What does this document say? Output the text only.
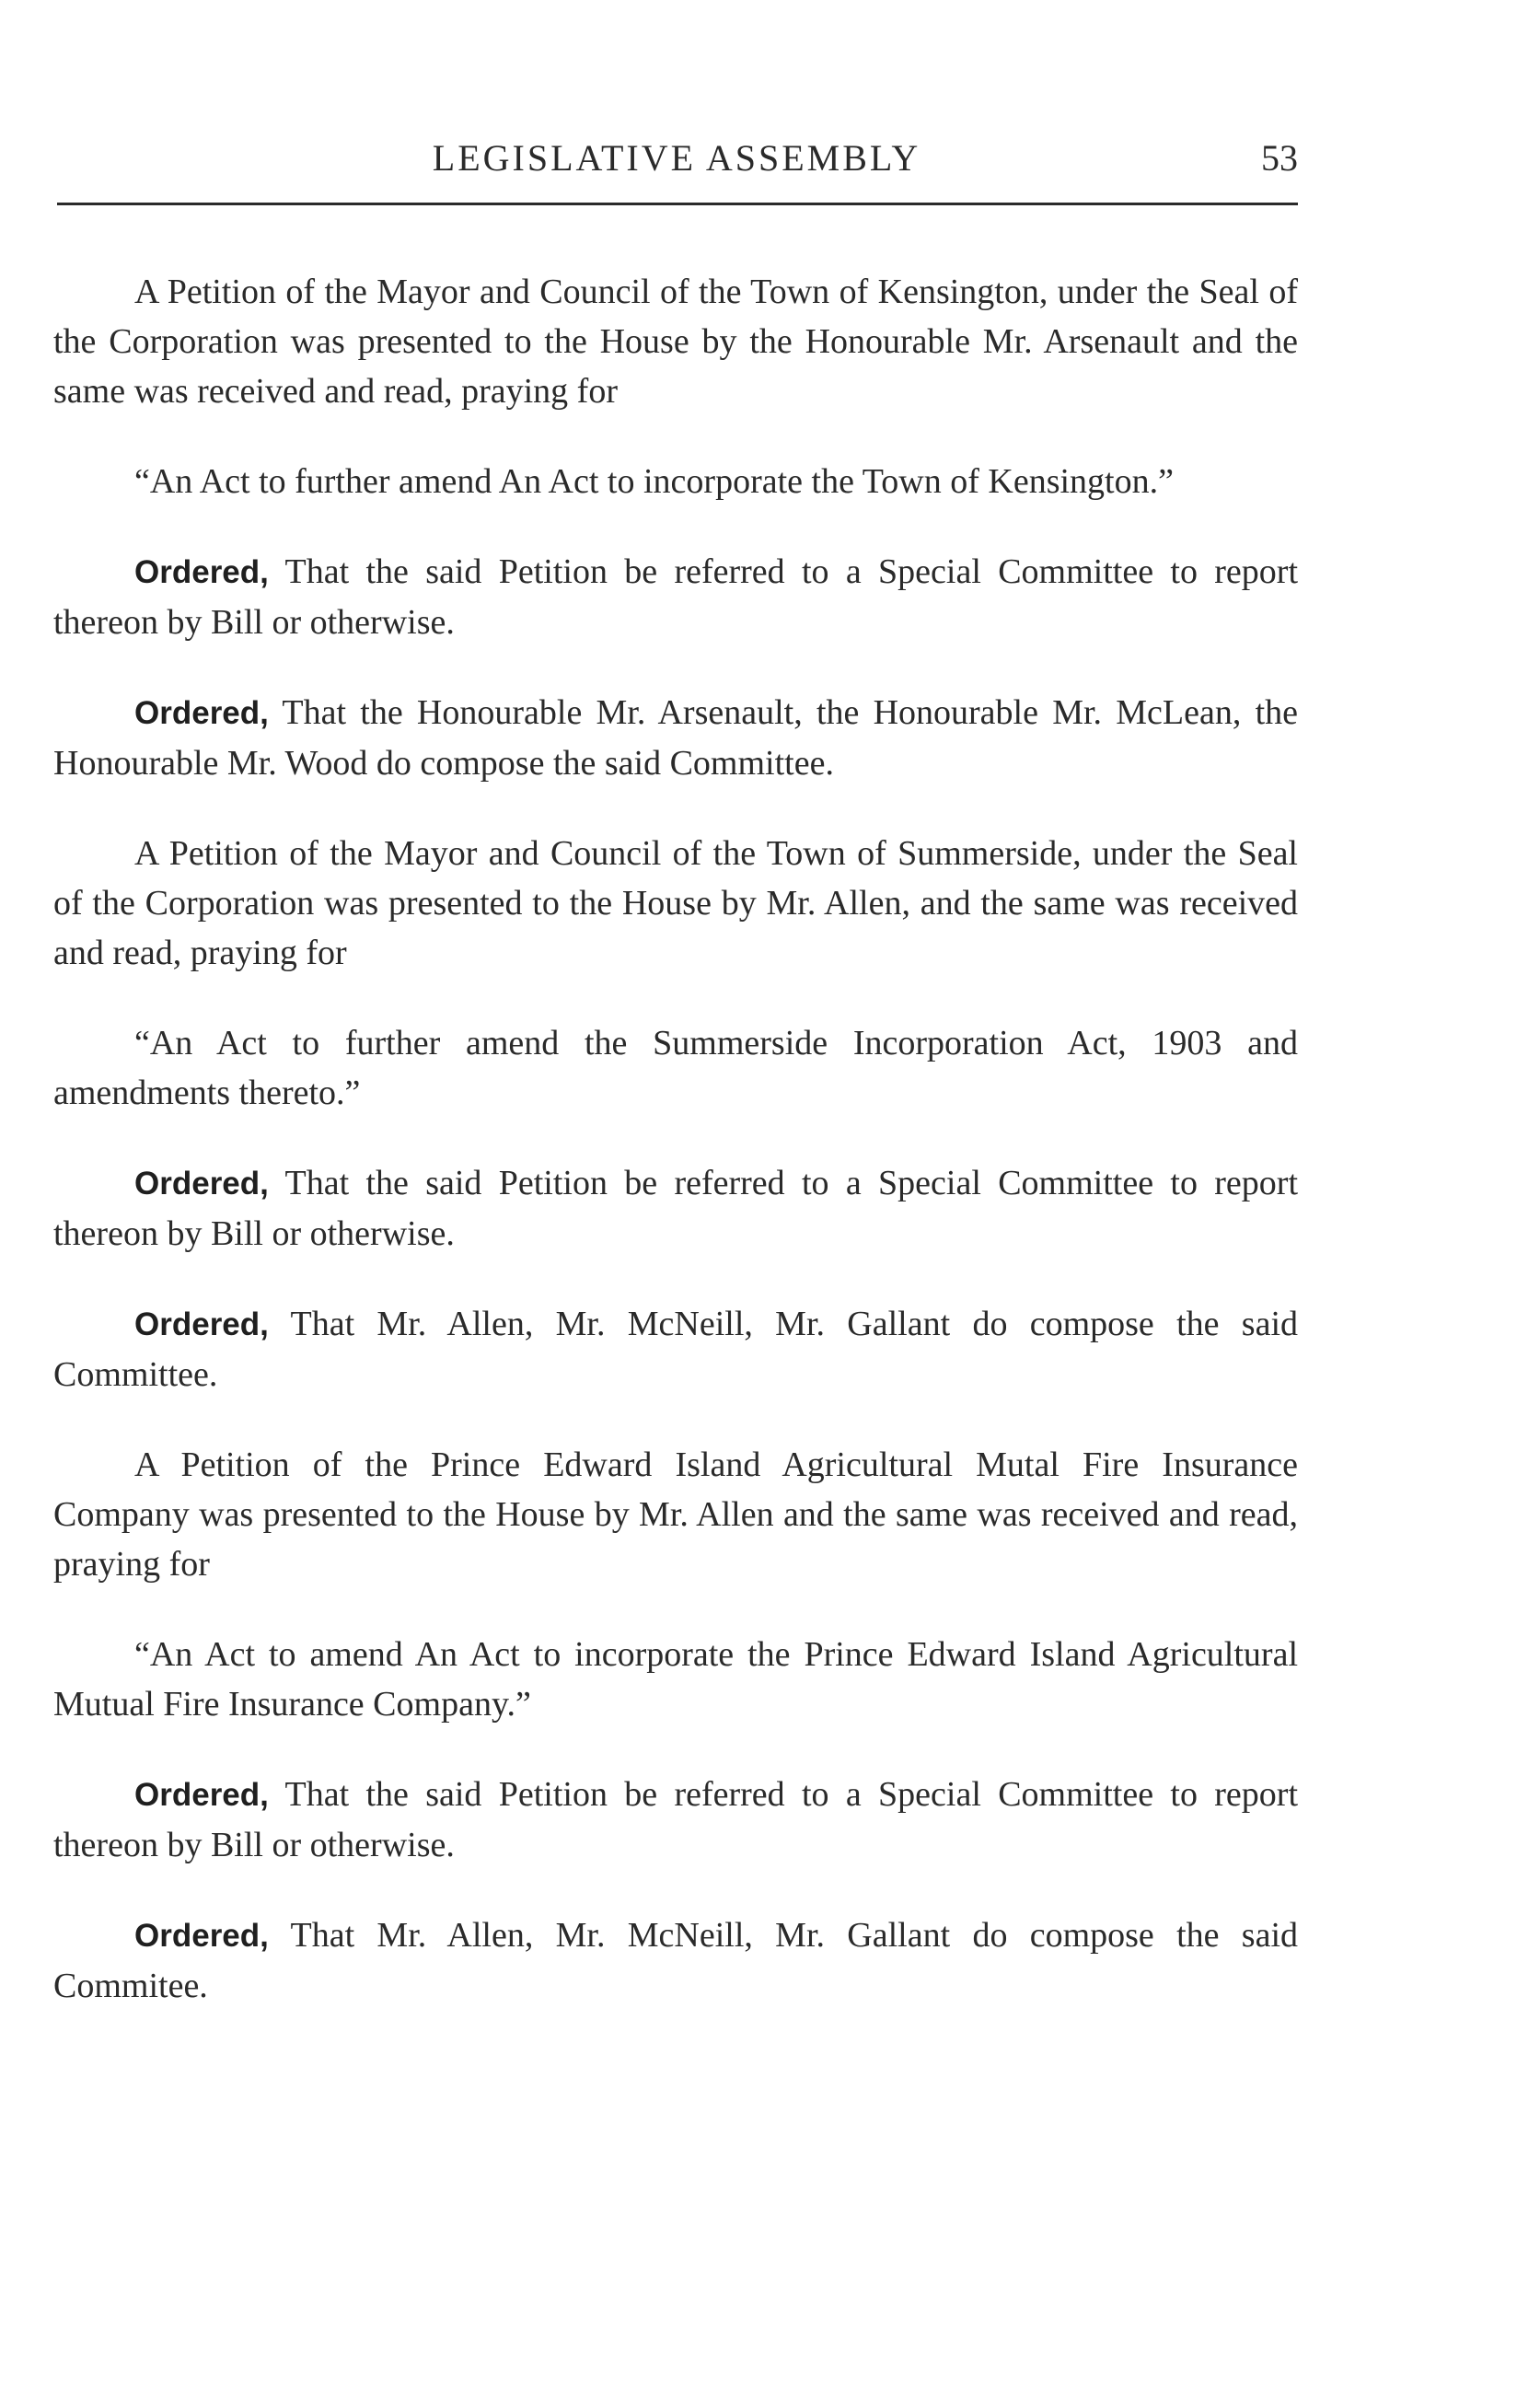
LEGISLATIVE ASSEMBLY	53

A Petition of the Mayor and Council of the Town of Kensington, under the Seal of the Corporation was presented to the House by the Honourable Mr. Arsenault and the same was received and read, praying for

“An Act to further amend An Act to incorporate the Town of Kensington.”

Ordered, That the said Petition be referred to a Special Committee to report thereon by Bill or otherwise.

Ordered, That the Honourable Mr. Arsenault, the Honourable Mr. McLean, the Honourable Mr. Wood do compose the said Committee.

A Petition of the Mayor and Council of the Town of Summerside, under the Seal of the Corporation was presented to the House by Mr. Allen, and the same was received and read, praying for

“An Act to further amend the Summerside Incorporation Act, 1903 and amendments thereto.”

Ordered, That the said Petition be referred to a Special Committee to report thereon by Bill or otherwise.

Ordered, That Mr. Allen, Mr. McNeill, Mr. Gallant do compose the said Committee.

A Petition of the Prince Edward Island Agricultural Mutal Fire Insurance Company was presented to the House by Mr. Allen and the same was received and read, praying for

“An Act to amend An Act to incorporate the Prince Edward Island Agricultural Mutual Fire Insurance Company.”

Ordered, That the said Petition be referred to a Special Committee to report thereon by Bill or otherwise.

Ordered, That Mr. Allen, Mr. McNeill, Mr. Gallant do compose the said Commitee.
